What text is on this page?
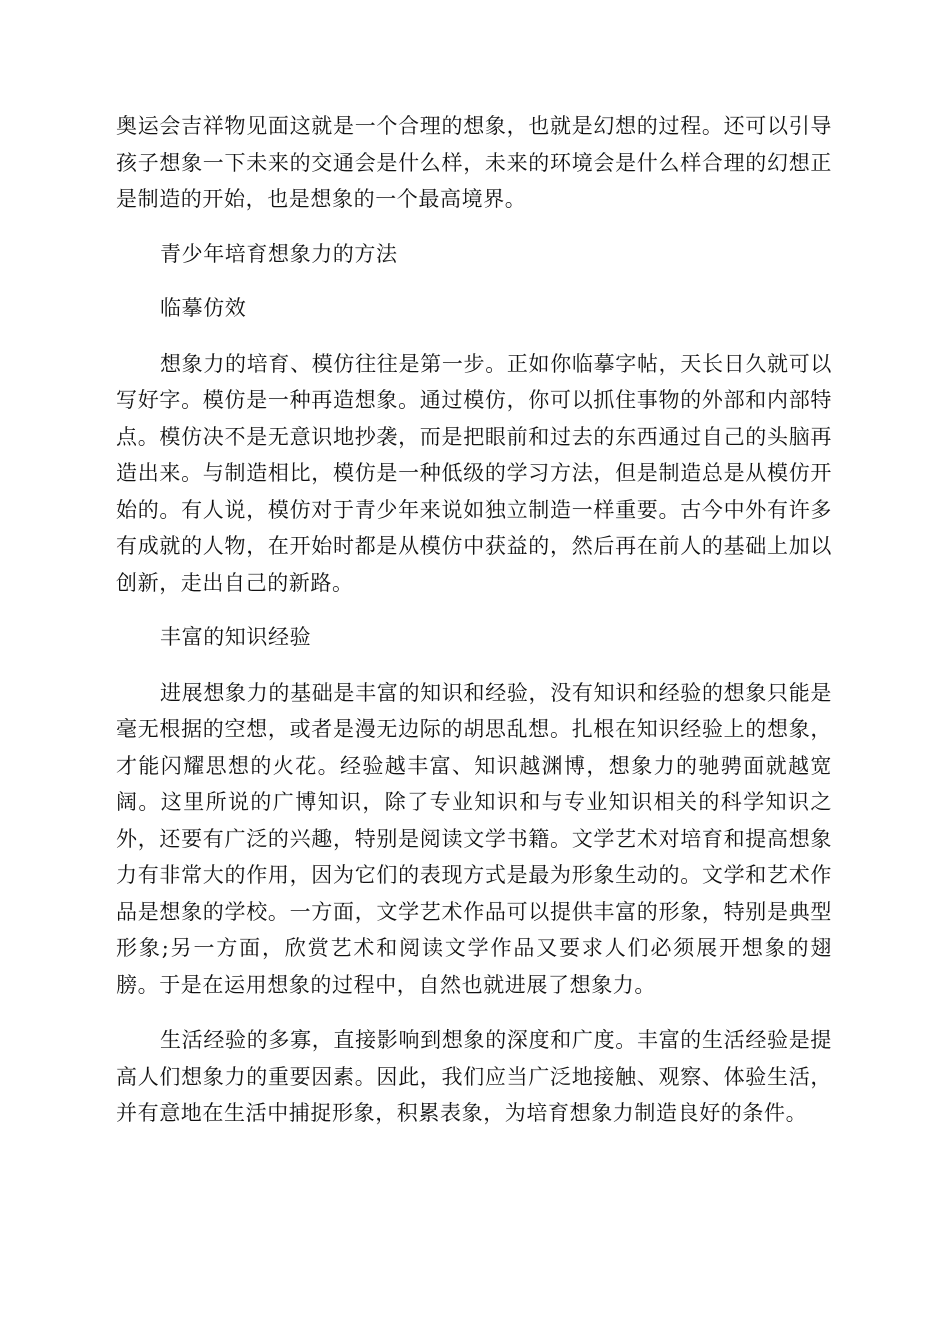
奥运会吉祥物见面这就是一个合理的想象，也就是幻想的过程。还可以引导孩子想象一下未来的交通会是什么样，未来的环境会是什么样合理的幻想正是制造的开始，也是想象的一个最高境界。

青少年培育想象力的方法

临摹仿效

想象力的培育、模仿往往是第一步。正如你临摹字帖，天长日久就可以写好字。模仿是一种再造想象。通过模仿，你可以抓住事物的外部和内部特点。模仿决不是无意识地抄袭，而是把眼前和过去的东西通过自己的头脑再造出来。与制造相比，模仿是一种低级的学习方法，但是制造总是从模仿开始的。有人说，模仿对于青少年来说如独立制造一样重要。古今中外有许多有成就的人物，在开始时都是从模仿中获益的，然后再在前人的基础上加以创新，走出自己的新路。

丰富的知识经验

进展想象力的基础是丰富的知识和经验，没有知识和经验的想象只能是毫无根据的空想，或者是漫无边际的胡思乱想。扎根在知识经验上的想象，才能闪耀思想的火花。经验越丰富、知识越渊博，想象力的驰骋面就越宽阔。这里所说的广博知识，除了专业知识和与专业知识相关的科学知识之外，还要有广泛的兴趣，特别是阅读文学书籍。文学艺术对培育和提高想象力有非常大的作用，因为它们的表现方式是最为形象生动的。文学和艺术作品是想象的学校。一方面，文学艺术作品可以提供丰富的形象，特别是典型形象;另一方面，欣赏艺术和阅读文学作品又要求人们必须展开想象的翅膀。于是在运用想象的过程中，自然也就进展了想象力。

生活经验的多寡，直接影响到想象的深度和广度。丰富的生活经验是提高人们想象力的重要因素。因此，我们应当广泛地接触、观察、体验生活，并有意地在生活中捕捉形象，积累表象，为培育想象力制造良好的条件。
